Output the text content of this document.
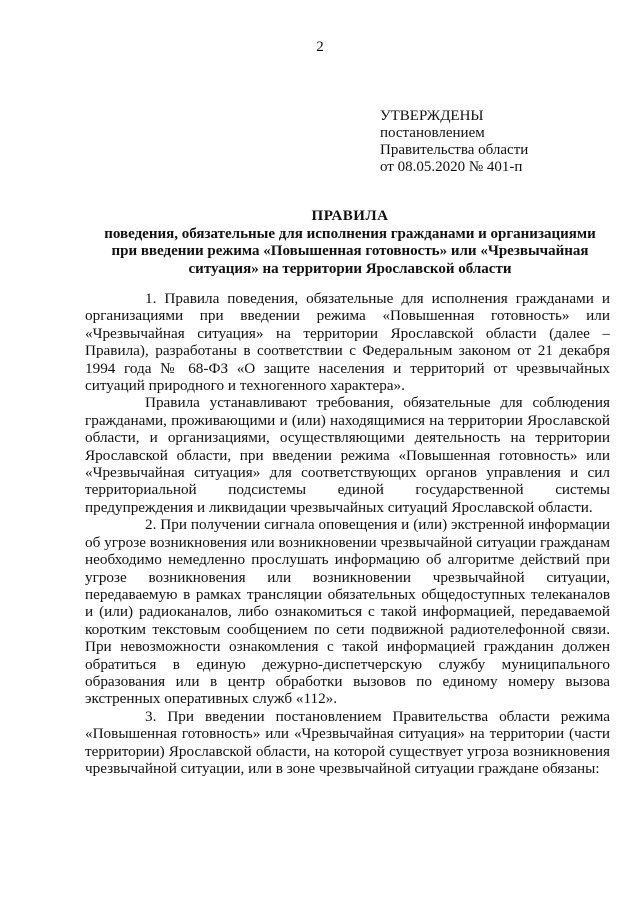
2
УТВЕРЖДЕНЫ
постановлением
Правительства области
от 08.05.2020 № 401-п
ПРАВИЛА
поведения, обязательные для исполнения гражданами и организациями
при введении режима «Повышенная готовность» или «Чрезвычайная
ситуация» на территории Ярославской области

1. Правила поведения, обязательные для исполнения гражданами и организациями при введении режима «Повышенная готовность» или «Чрезвычайная ситуация» на территории Ярославской области (далее – Правила), разработаны в соответствии с Федеральным законом от 21 декабря 1994 года № 68-ФЗ «О защите населения и территорий от чрезвычайных ситуаций природного и техногенного характера».

Правила устанавливают требования, обязательные для соблюдения гражданами, проживающими и (или) находящимися на территории Ярославской области, и организациями, осуществляющими деятельность на территории Ярославской области, при введении режима «Повышенная готовность» или «Чрезвычайная ситуация» для соответствующих органов управления и сил территориальной подсистемы единой государственной системы предупреждения и ликвидации чрезвычайных ситуаций Ярославской области.

2. При получении сигнала оповещения и (или) экстренной информации об угрозе возникновения или возникновении чрезвычайной ситуации гражданам необходимо немедленно прослушать информацию об алгоритме действий при угрозе возникновения или возникновении чрезвычайной ситуации, передаваемую в рамках трансляции обязательных общедоступных телеканалов и (или) радиоканалов, либо ознакомиться с такой информацией, передаваемой коротким текстовым сообщением по сети подвижной радиотелефонной связи. При невозможности ознакомления с такой информацией гражданин должен обратиться в единую дежурно-диспетчерскую службу муниципального образования или в центр обработки вызовов по единому номеру вызова экстренных оперативных служб «112».

3. При введении постановлением Правительства области режима «Повышенная готовность» или «Чрезвычайная ситуация» на территории (части территории) Ярославской области, на которой существует угроза возникновения чрезвычайной ситуации, или в зоне чрезвычайной ситуации граждане обязаны:
